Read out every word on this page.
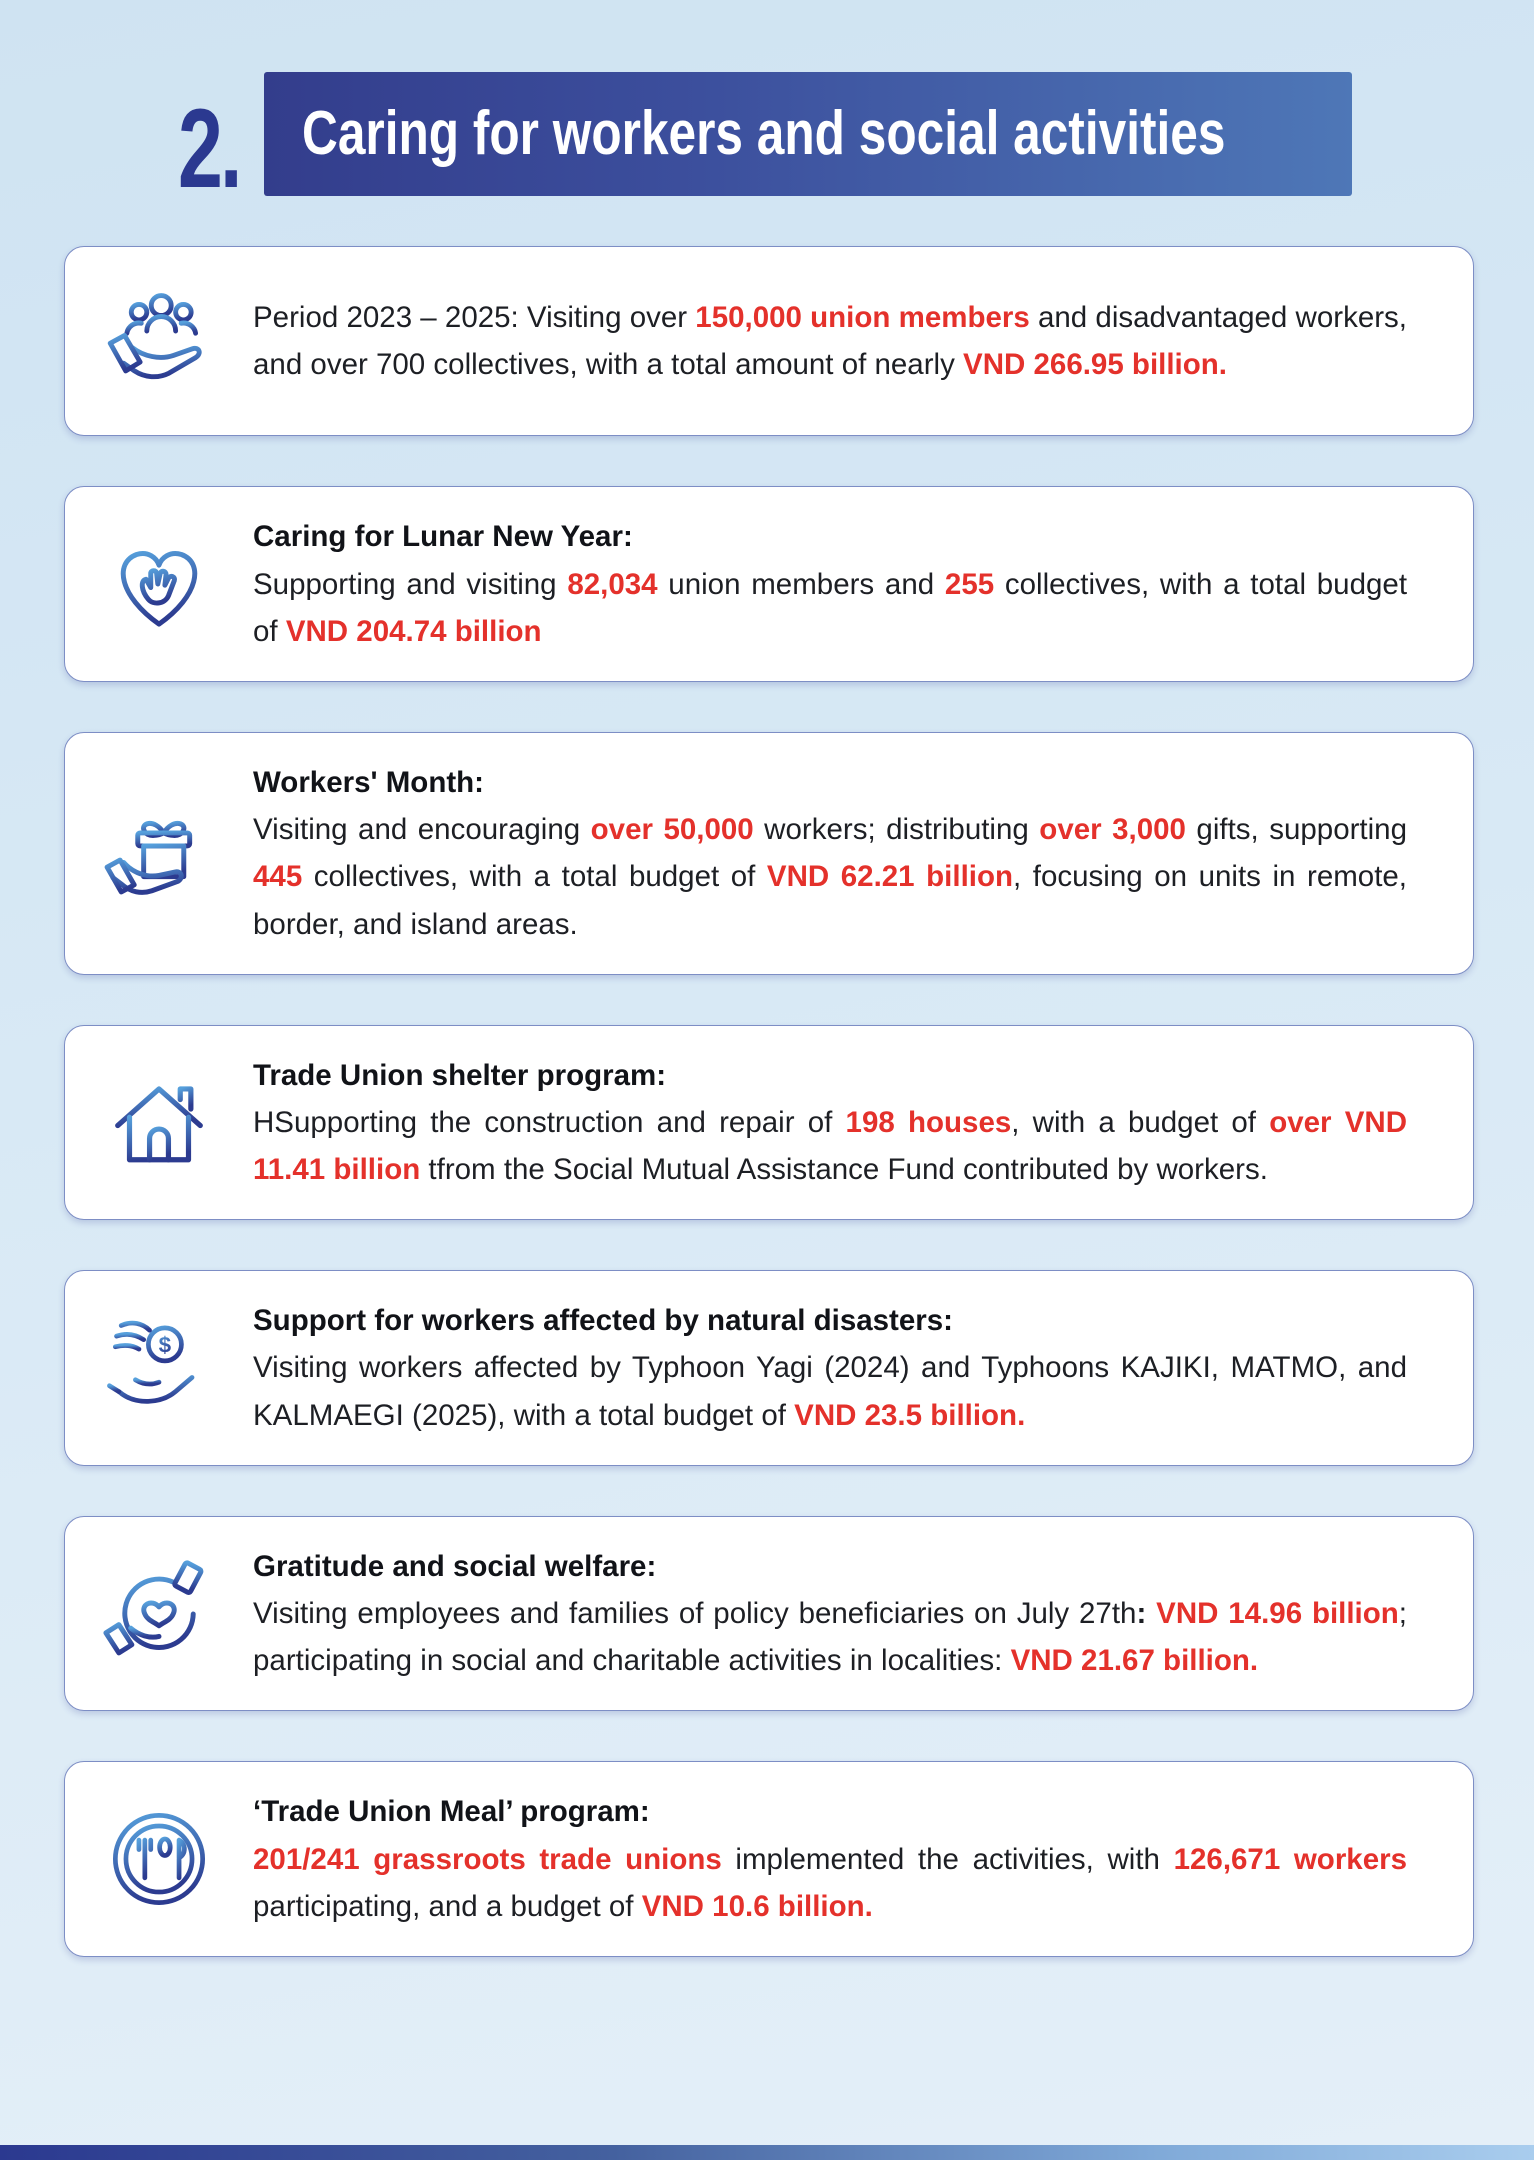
2. Caring for workers and social activities

Period 2023 – 2025: Visiting over 150,000 union members and disadvantaged workers, and over 700 collectives, with a total amount of nearly VND 266.95 billion.

Caring for Lunar New Year:

Supporting and visiting 82,034 union members and 255 collectives, with a total budget of VND 204.74 billion

Workers' Month:

Visiting and encouraging over 50,000 workers; distributing over 3,000 gifts, supporting 445 collectives, with a total budget of VND 62.21 billion, focusing on units in remote, border, and island areas.

Trade Union shelter program:

HSupporting the construction and repair of 198 houses, with a budget of over VND 11.41 billion tfrom the Social Mutual Assistance Fund contributed by workers.

$
Support for workers affected by natural disasters:

Visiting workers affected by Typhoon Yagi (2024) and Typhoons KAJIKI, MATMO, and KALMAEGI (2025), with a total budget of VND 23.5 billion.

Gratitude and social welfare:

Visiting employees and families of policy beneficiaries on July 27th: VND 14.96 billion; participating in social and charitable activities in localities: VND 21.67 billion.

‘Trade Union Meal’ program:

201/241 grassroots trade unions implemented the activities, with 126,671 workers participating, and a budget of VND 10.6 billion.
